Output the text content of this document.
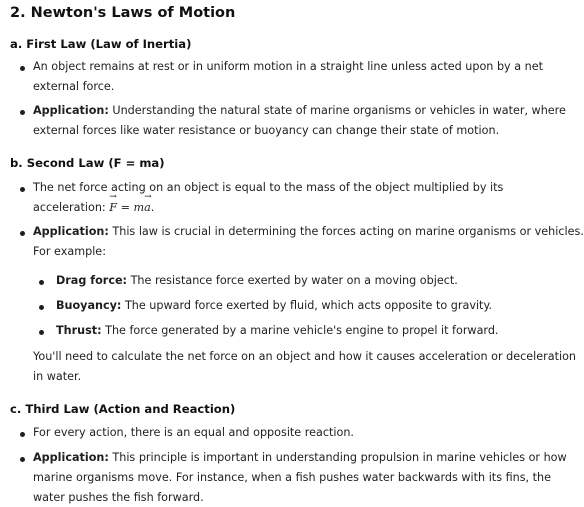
2. Newton's Laws of Motion
a. First Law (Law of Inertia)
An object remains at rest or in uniform motion in a straight line unless acted upon by a net
external force.
Application: Understanding the natural state of marine organisms or vehicles in water, where
external forces like water resistance or buoyancy can change their state of motion.
b. Second Law (F = ma)
The net force acting on an object is equal to the mass of the object multiplied by its
acceleration: → F = m→ a.
Application: This law is crucial in determining the forces acting on marine organisms or vehicles.
For example:
Drag force: The resistance force exerted by water on a moving object.
Buoyancy: The upward force exerted by fluid, which acts opposite to gravity.
Thrust: The force generated by a marine vehicle's engine to propel it forward.
You'll need to calculate the net force on an object and how it causes acceleration or deceleration
in water.
c. Third Law (Action and Reaction)
For every action, there is an equal and opposite reaction.
Application: This principle is important in understanding propulsion in marine vehicles or how
marine organisms move. For instance, when a fish pushes water backwards with its fins, the
water pushes the fish forward.
